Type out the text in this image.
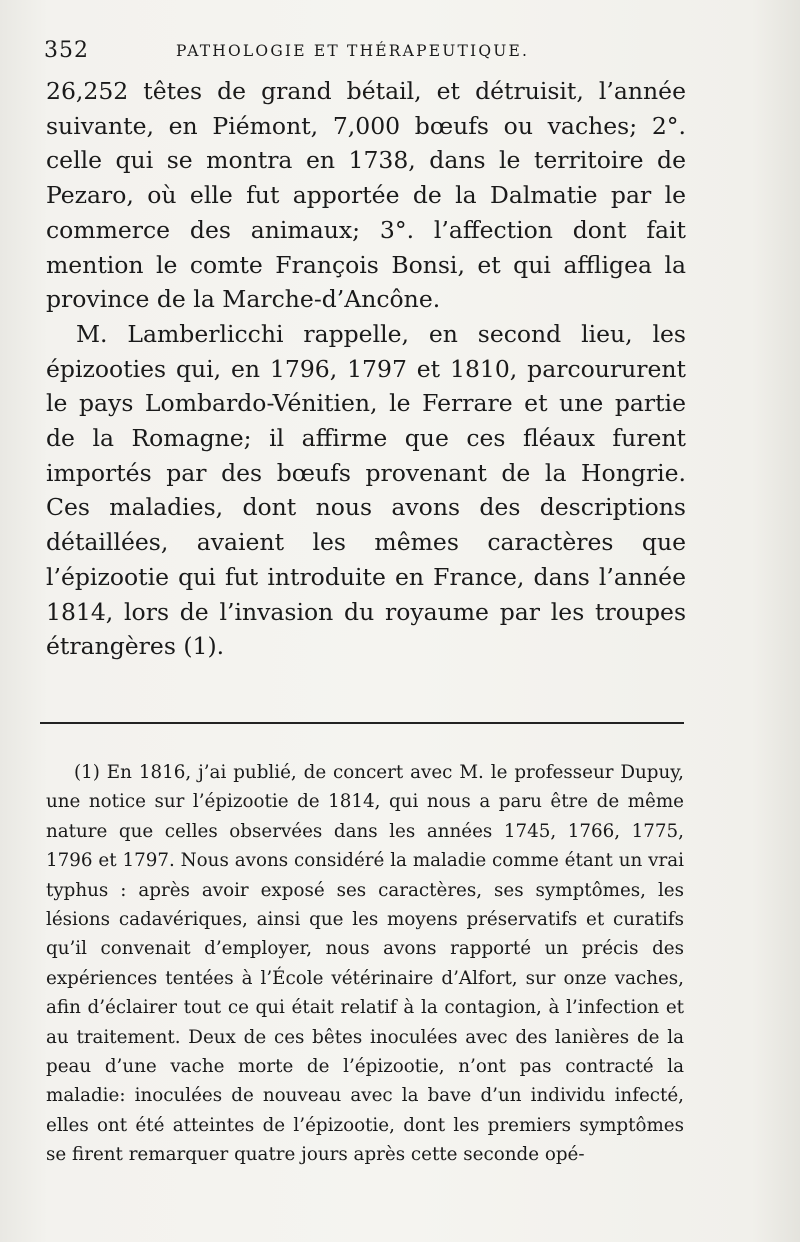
352	PATHOLOGIE ET THÉRAPEUTIQUE.

26,252 têtes de grand bétail, et détruisit, l’année suivante, en Piémont, 7,000 bœufs ou vaches; 2°. celle qui se montra en 1738, dans le territoire de Pezaro, où elle fut apportée de la Dalmatie par le commerce des animaux; 3°. l’affection dont fait mention le comte François Bonsi, et qui affligea la province de la Marche-d’Ancône.

M. Lamberlicchi rappelle, en second lieu, les épizooties qui, en 1796, 1797 et 1810, parcoururent le pays Lombardo-Vénitien, le Ferrare et une partie de la Romagne; il affirme que ces fléaux furent importés par des bœufs provenant de la Hongrie. Ces maladies, dont nous avons des descriptions détaillées, avaient les mêmes caractères que l’épizootie qui fut introduite en France, dans l’année 1814, lors de l’invasion du royaume par les troupes étrangères (1).

(1) En 1816, j’ai publié, de concert avec M. le professeur Dupuy, une notice sur l’épizootie de 1814, qui nous a paru être de même nature que celles observées dans les années 1745, 1766, 1775, 1796 et 1797. Nous avons considéré la maladie comme étant un vrai typhus : après avoir exposé ses caractères, ses symptômes, les lésions cadavériques, ainsi que les moyens préservatifs et curatifs qu’il convenait d’employer, nous avons rapporté un précis des expériences tentées à l’École vétérinaire d’Alfort, sur onze vaches, afin d’éclairer tout ce qui était relatif à la contagion, à l’infection et au traitement. Deux de ces bêtes inoculées avec des lanières de la peau d’une vache morte de l’épizootie, n’ont pas contracté la maladie: inoculées de nouveau avec la bave d’un individu infecté, elles ont été atteintes de l’épizootie, dont les premiers symptômes se firent remarquer quatre jours après cette seconde opé-
